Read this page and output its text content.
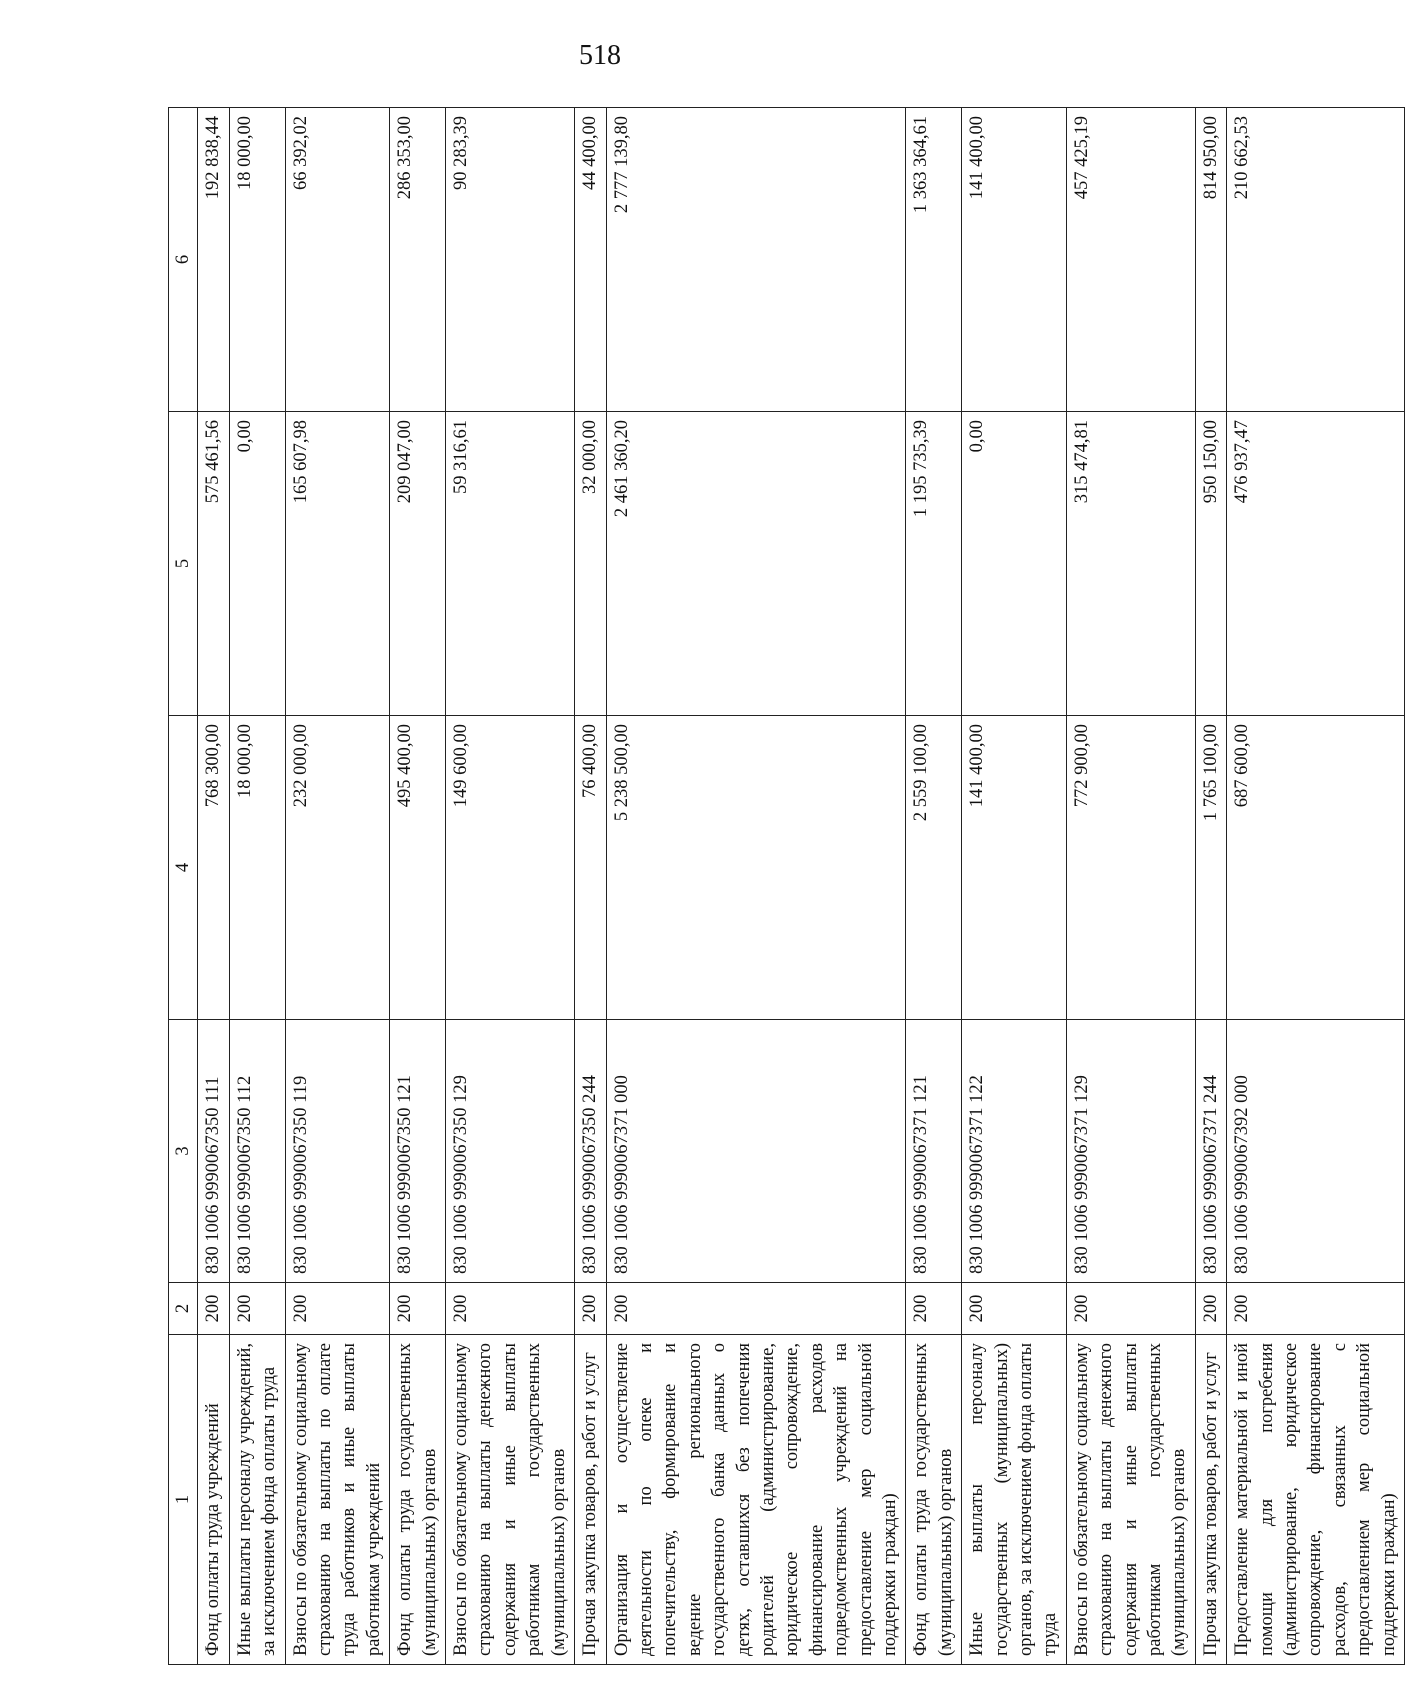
518
1	2	3	4	5	6
Фонд оплаты труда учреждений	200	830 1006 9990067350 111	768 300,00	575 461,56	192 838,44
Иные выплаты персоналу учреждений, за исключением фонда оплаты труда	200	830 1006 9990067350 112	18 000,00	0,00	18 000,00
Взносы по обязательному социальному страхованию на выплаты по оплате труда работников и иные выплаты работникам учреждений	200	830 1006 9990067350 119	232 000,00	165 607,98	66 392,02
Фонд оплаты труда государственных (муниципальных) органов	200	830 1006 9990067350 121	495 400,00	209 047,00	286 353,00
Взносы по обязательному социальному страхованию на выплаты денежного содержания и иные выплаты работникам государственных (муниципальных) органов	200	830 1006 9990067350 129	149 600,00	59 316,61	90 283,39
Прочая закупка товаров, работ и услуг	200	830 1006 9990067350 244	76 400,00	32 000,00	44 400,00
Организация и осуществление деятельности по опеке и попечительству, формирование и ведение регионального государственного банка данных о детях, оставшихся без попечения родителей (администрирование, юридическое сопровождение, финансирование расходов подведомственных учреждений на предоставление мер социальной поддержки граждан)	200	830 1006 9990067371 000	5 238 500,00	2 461 360,20	2 777 139,80
Фонд оплаты труда государственных (муниципальных) органов	200	830 1006 9990067371 121	2 559 100,00	1 195 735,39	1 363 364,61
Иные выплаты персоналу государственных (муниципальных) органов, за исключением фонда оплаты труда	200	830 1006 9990067371 122	141 400,00	0,00	141 400,00
Взносы по обязательному социальному страхованию на выплаты денежного содержания и иные выплаты работникам государственных (муниципальных) органов	200	830 1006 9990067371 129	772 900,00	315 474,81	457 425,19
Прочая закупка товаров, работ и услуг	200	830 1006 9990067371 244	1 765 100,00	950 150,00	814 950,00
Предоставление материальной и иной помощи для погребения (администрирование, юридическое сопровождение, финансирование расходов, связанных с предоставлением мер социальной поддержки граждан)	200	830 1006 9990067392 000	687 600,00	476 937,47	210 662,53
